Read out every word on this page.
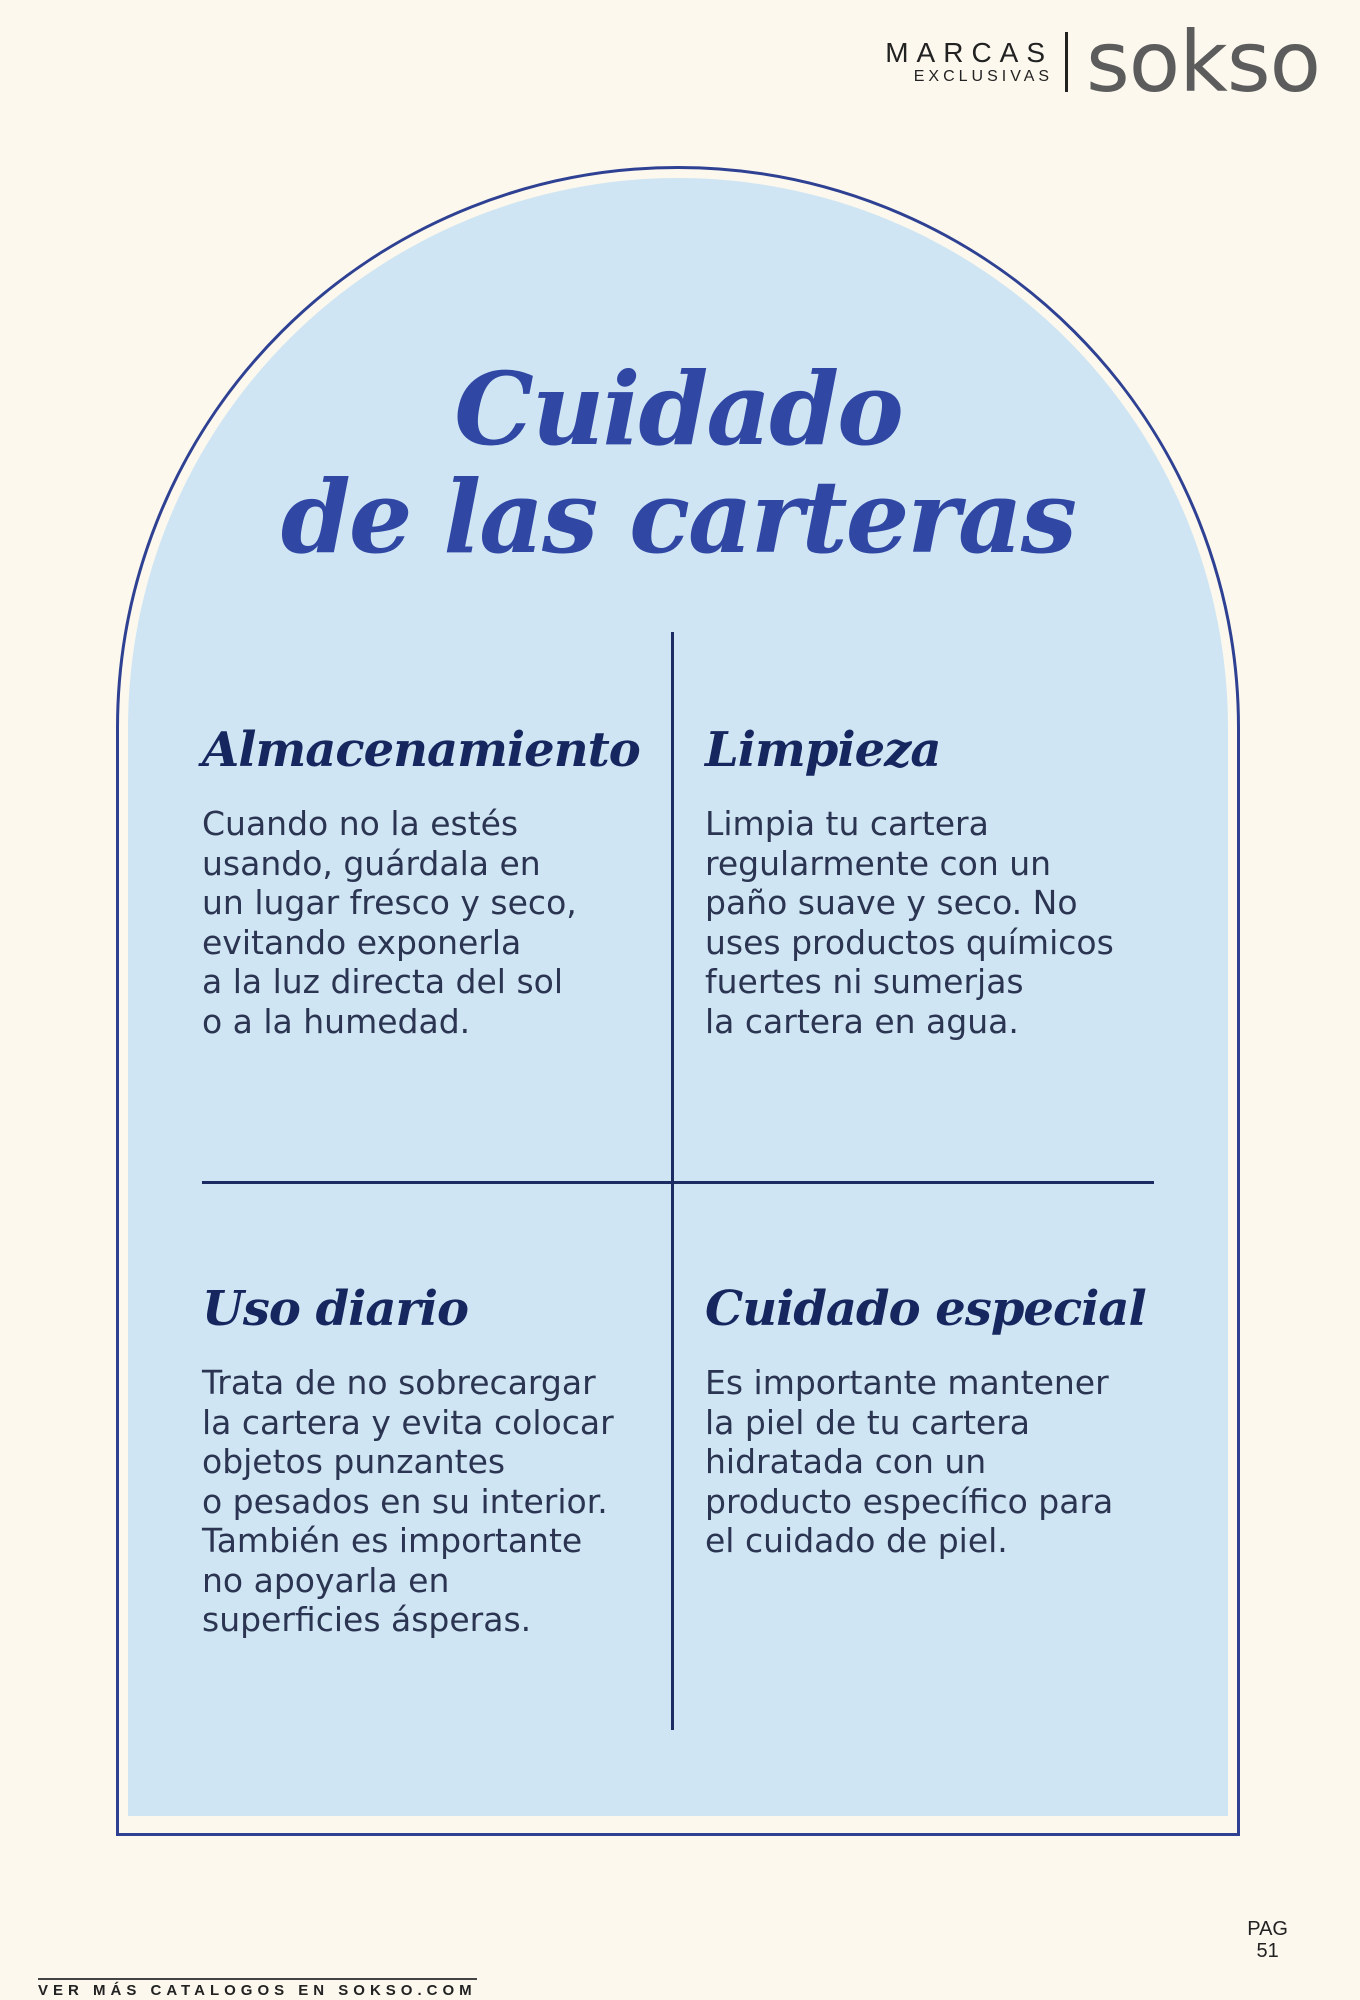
MARCAS
EXCLUSIVAS sokso
Cuidado
de las carteras
Almacenamiento
Cuando no la estés
usando, guárdala en
un lugar fresco y seco,
evitando exponerla
a la luz directa del sol
o a la humedad.
Limpieza
Limpia tu cartera
regularmente con un
paño suave y seco. No
uses productos químicos
fuertes ni sumerjas
la cartera en agua.
Uso diario
Trata de no sobrecargar
la cartera y evita colocar
objetos punzantes
o pesados en su interior.
También es importante
no apoyarla en
superficies ásperas.
Cuidado especial
Es importante mantener
la piel de tu cartera
hidratada con un
producto específico para
el cuidado de piel.
PAG
51
VER MÁS CATALOGOS EN SOKSO.COM
